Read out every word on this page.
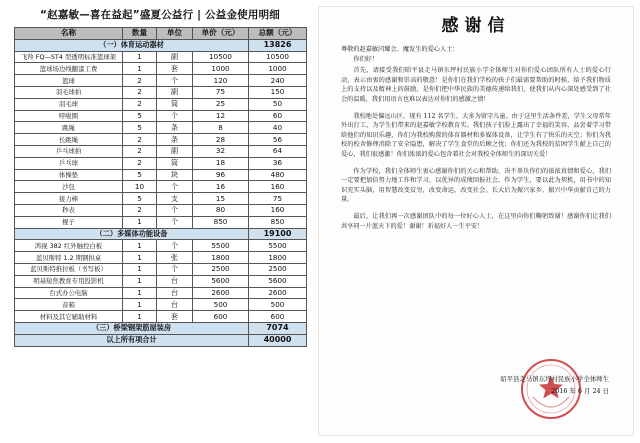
“赵嘉敏—喜在益起”盛夏公益行 | 公益金使用明细
名称	数量	单位	单价（元）	总额（元）
（一）体育运动器材				13826
飞羚 FQ—ST4 型透明标准篮球架	1	副	10500	10500
篮球场边线翻漆工费	1	套	1000	1000
篮球	2	个	120	240
羽毛球拍	2	副	75	150
羽毛球	2	筒	25	50
呼啦圈	5	个	12	60
跳绳	5	条	8	40
长跳绳	2	条	28	56
乒乓球拍	2	副	32	64
乒乓球	2	筒	18	36
体操垫	5	块	96	480
沙包	10	个	16	160
接力棒	5	支	15	75
秒表	2	个	80	160
棍子	1	个	850	850
（二）多媒体功能设备				19100
鸿视 382 红外触控白板	1	个	5500	5500
蓝贝斯特 1.2 期钢拱桌	1	张	1800	1800
蓝贝斯特推拉板（书写板）	1	个	2500	2500
明基短焦教育专用投影机	1	台	5600	5600
台式办公电脑	1	台	2600	2600
音箱	1	台	500	500
材料及其它辅助材料	1	套	600	600
（三）桥梁钢架筋屋装房				7074
以上所有项合计				40000
感谢信
尊敬的赵嘉敏闪耀会、魔发生的爱心人士：
你们好！
首先，请接受我们昭平县走马镇东坪村民族小学全体师生对你们爱心团队所有人士的爱心行动，表示由衷的感谢和崇高的敬意！是你们在我们学校的孩子们最需要帮助的时候，给予我们物质上的支持以及精神上的鼓励，是你们把中华民族的美德传递给我们，使我们从内心深处感受到了社会的温暖，我们用语言也难以表达对你们的感激之情！
我校地处偏远山区，现有 112 名学生，大多为留守儿童。由于这里生活条件差，学生父母常年外出打工，为学生们带来的赵嘉敏学校教育实。我们孩子们脸上露出了幸福的笑容，品尝着学习带给他们的知识乐趣，你们为我校购置的体育器材和多媒体设备，让学生有了快乐的天空；你们为我校的校舍修理消除了安全隐患，解决了学生食堂的后顾之忧；你们还为我校的贫困学生献上自己的爱心，我们很感激！你们浓浓的爱心包含着社会对我校全体师生的深切关爱！
作为学校，我们全体师生衷心感谢你们的关心和帮助，决不辜负你们的浓浓真情和爱心，我们一定要把加倍努力地工作和学习，以优异的成绩回报社会。作为学生，要以此为契机，用书中的知识充实头脑，用智慧改变贫穷，改变命运，改变社会。长大后为振兴家乡、振兴中华贡献自己的力量。
最后，让我们再一次感谢团队中的每一位好心人士，在这里向你们鞠躬致谢！感谢你们让我们共享同一片蓝天下的爱！谢谢！祈福好人一生平安！
昭平县走马镇东坪村民族小学全体师生
2016 年 6 月 24 日
